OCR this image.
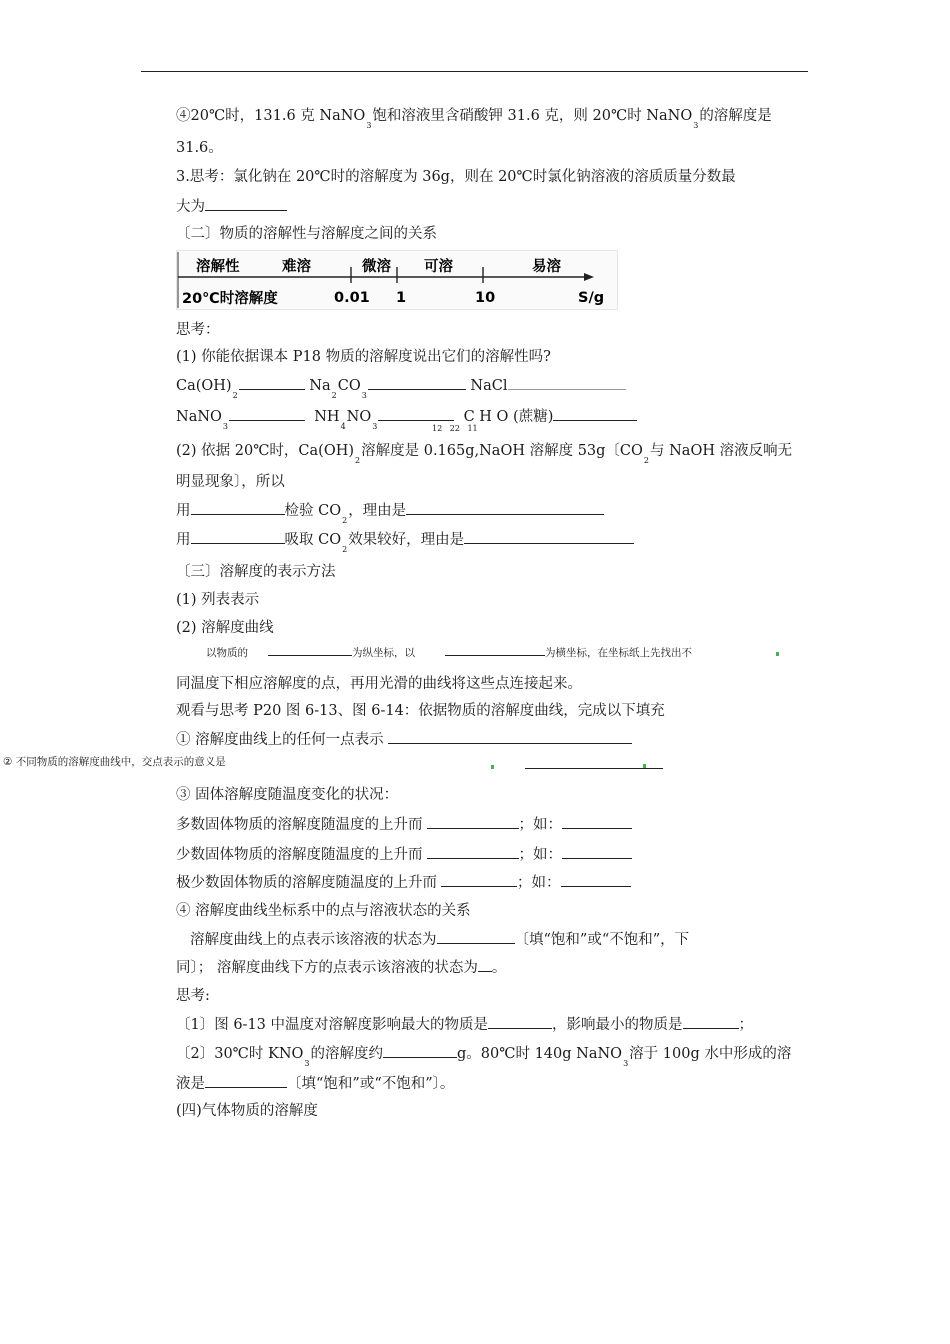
④20℃时，131.6 克 NaNO$_3$饱和溶液里含硝酸钾 31.6 克，则 20℃时 NaNO$_3$的溶解度是
31.6。
3.思考：氯化钠在 20℃时的溶解度为 36g，则在 20℃时氯化钠溶液的溶质质量分数最
大为
〔二〕物质的溶解性与溶解度之间的关系
溶解性	难溶	微溶 可溶	易溶
20℃时溶解度	0.01 1	10	S/g
思考：
(1) 你能依据课本 P18 物质的溶解度说出它们的溶解性吗?
$Ca(OH)_2$ $Na_2CO_3$ NaCl
NaNO$_3$  $NH_4NO_3$  C H O (蔗糖)
12 22 11
(2) 依据 20℃时，$Ca(OH)_2$溶解度是 0.165g,NaOH 溶解度 53g〔$CO_2$与 NaOH 溶液反响无
明显现象〕，所以
用	检验 $CO_2$，理由是
用	吸取 $CO_2$效果较好，理由是
〔三〕溶解度的表示方法
(1) 列表表示
(2) 溶解度曲线
以物质的	为纵坐标，以	为横坐标，在坐标纸上先找出不
同温度下相应溶解度的点，再用光滑的曲线将这些点连接起来。
观看与思考 P20 图 6-13、图 6-14：依据物质的溶解度曲线，完成以下填充
① 溶解度曲线上的任何一点表示
② 不同物质的溶解度曲线中，交点表示的意义是
③ 固体溶解度随温度变化的状况：
多数固体物质的溶解度随温度的上升而	；如：
少数固体物质的溶解度随温度的上升而	；如：
极少数固体物质的溶解度随温度的上升而	；如：
④ 溶解度曲线坐标系中的点与溶液状态的关系
溶解度曲线上的点表示该溶液的状态为	〔填“饱和”或“不饱和”，下
同〕； 溶解度曲线下方的点表示该溶液的状态为 。
思考:
〔1〕图 6-13 中温度对溶解度影响最大的物质是	，影响最小的物质是	；
〔2〕30℃时 $KNO_3$的溶解度约	g。80℃时 140g NaNO$_3$溶于 100g 水中形成的溶
液是	〔填“饱和”或“不饱和”〕。
(四)气体物质的溶解度
